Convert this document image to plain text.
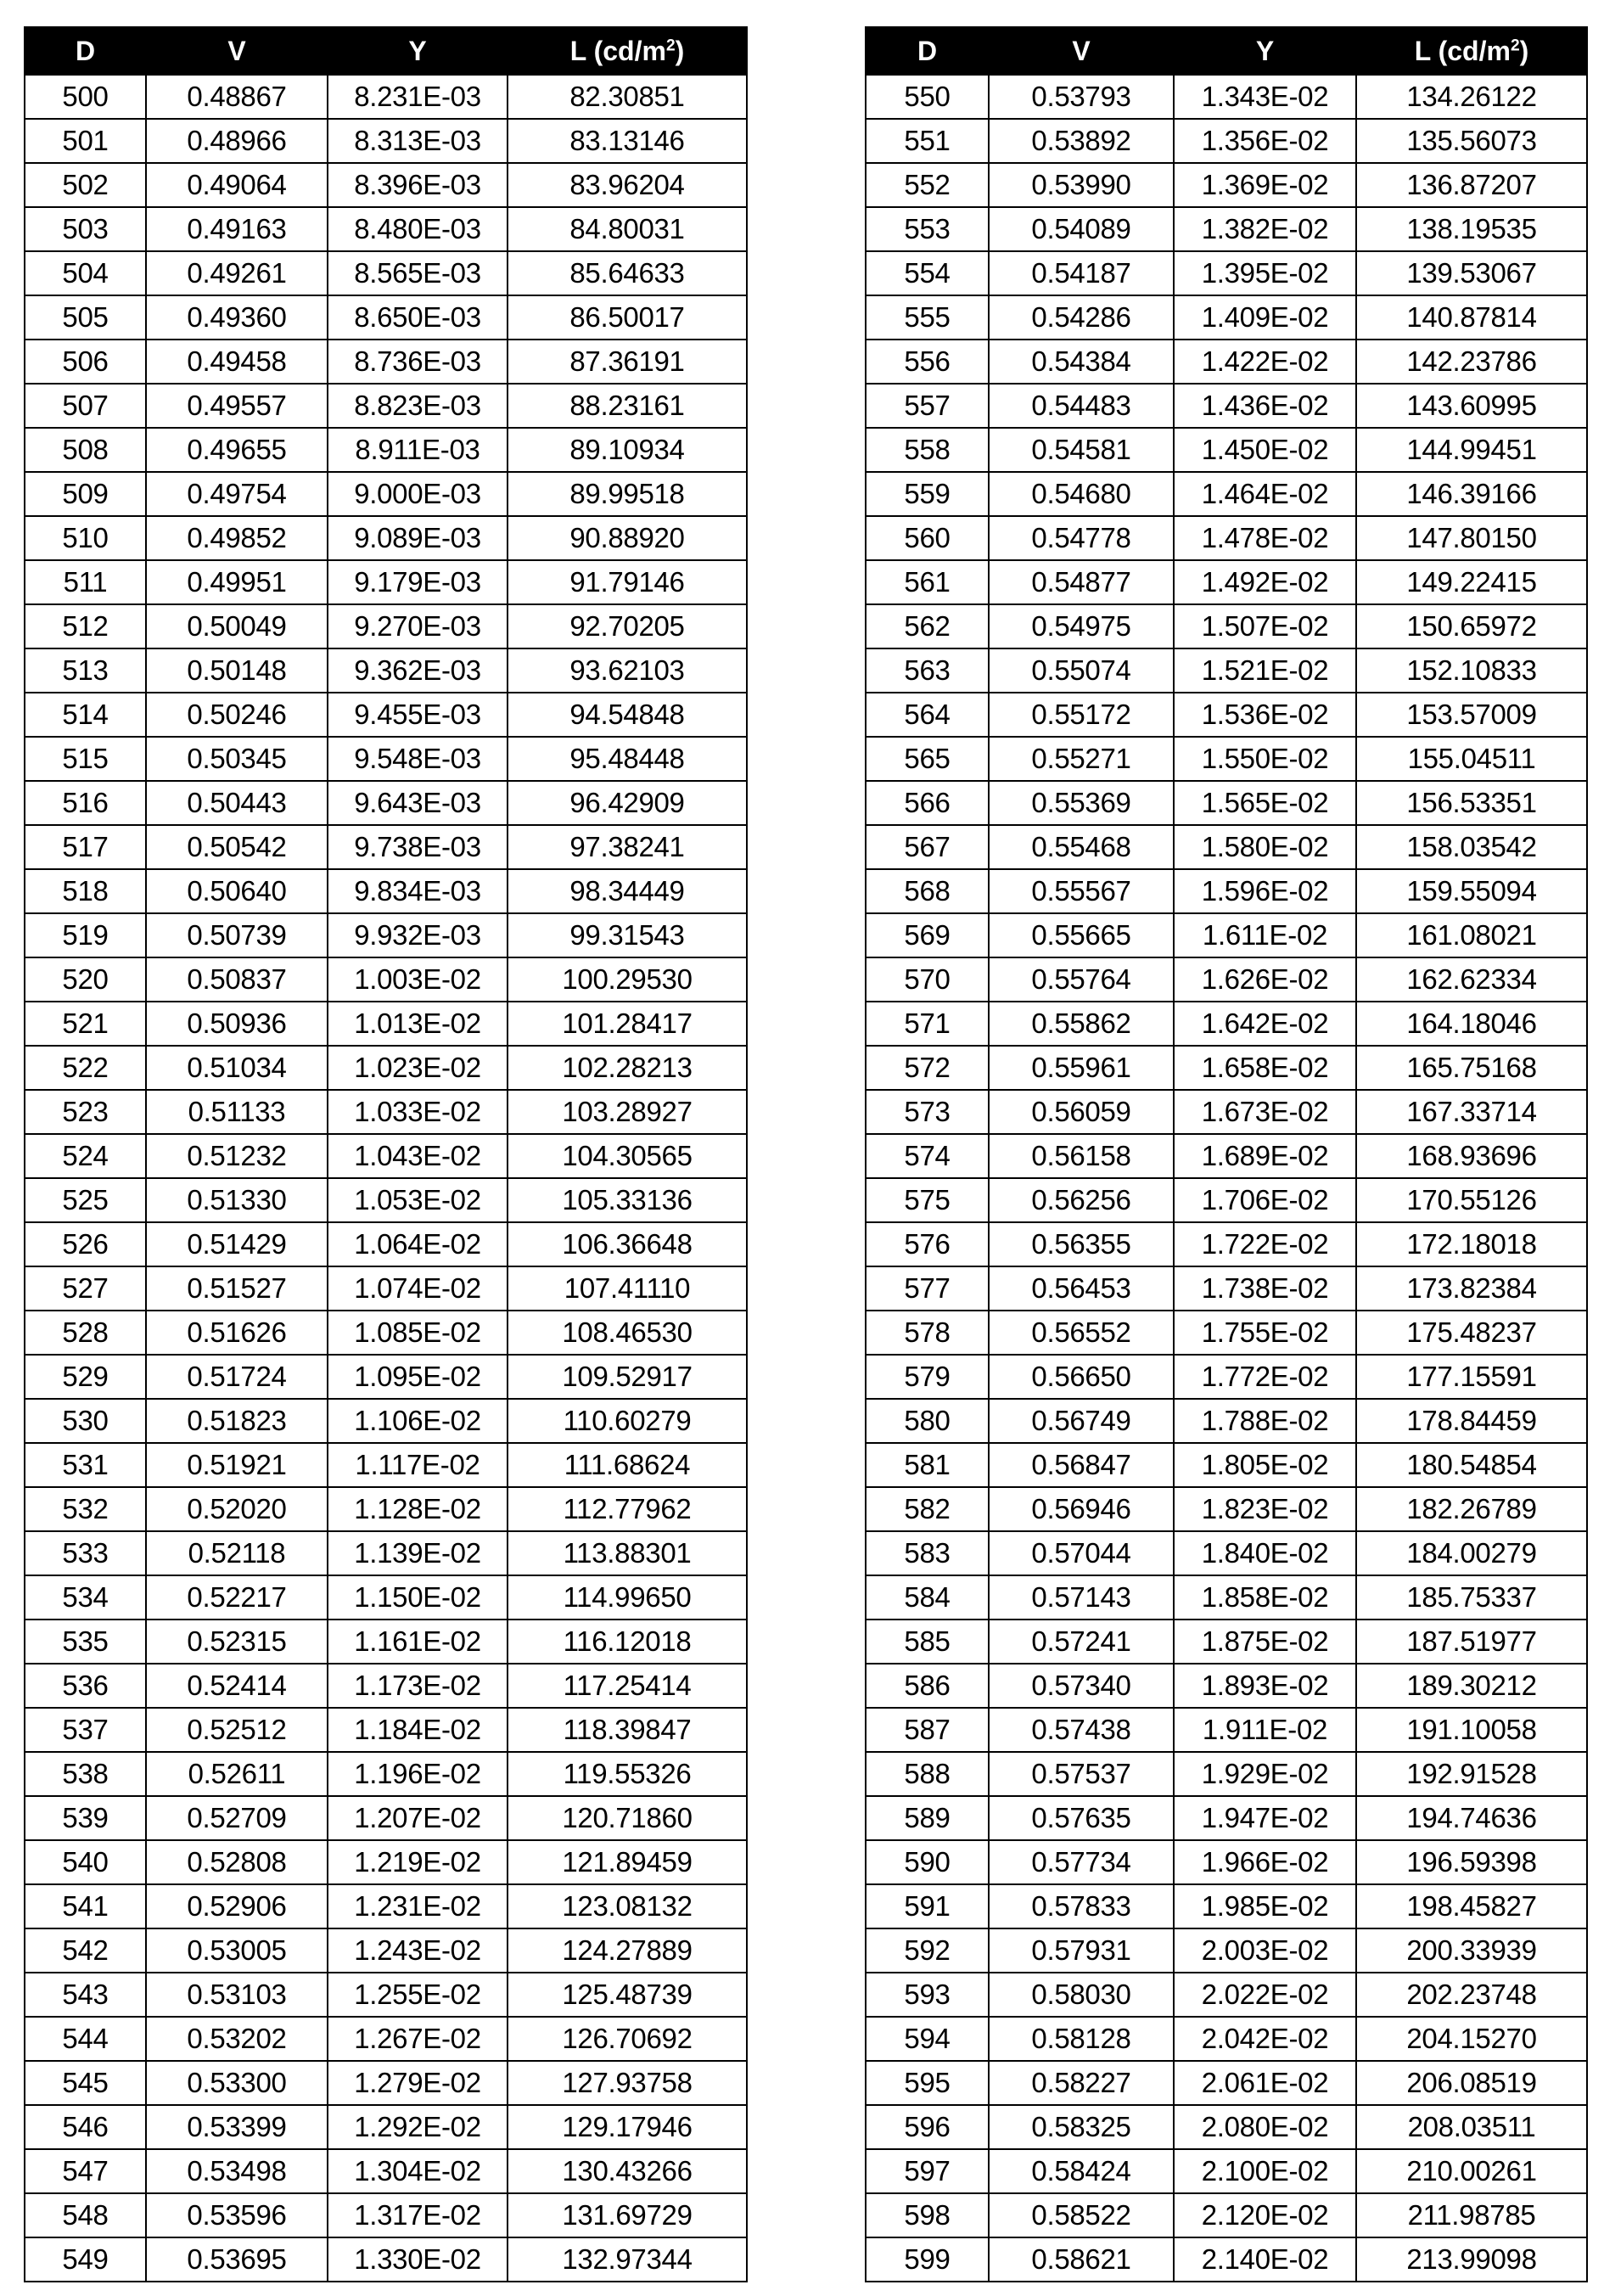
D	V	Y	L $(cd/m^2)$
500	0.48867	8.231E-03	82.30851
501	0.48966	8.313E-03	83.13146
502	0.49064	8.396E-03	83.96204
503	0.49163	8.480E-03	84.80031
504	0.49261	8.565E-03	85.64633
505	0.49360	8.650E-03	86.50017
506	0.49458	8.736E-03	87.36191
507	0.49557	8.823E-03	88.23161
508	0.49655	8.911E-03	89.10934
509	0.49754	9.000E-03	89.99518
510	0.49852	9.089E-03	90.88920
511	0.49951	9.179E-03	91.79146
512	0.50049	9.270E-03	92.70205
513	0.50148	9.362E-03	93.62103
514	0.50246	9.455E-03	94.54848
515	0.50345	9.548E-03	95.48448
516	0.50443	9.643E-03	96.42909
517	0.50542	9.738E-03	97.38241
518	0.50640	9.834E-03	98.34449
519	0.50739	9.932E-03	99.31543
520	0.50837	1.003E-02	100.29530
521	0.50936	1.013E-02	101.28417
522	0.51034	1.023E-02	102.28213
523	0.51133	1.033E-02	103.28927
524	0.51232	1.043E-02	104.30565
525	0.51330	1.053E-02	105.33136
526	0.51429	1.064E-02	106.36648
527	0.51527	1.074E-02	107.41110
528	0.51626	1.085E-02	108.46530
529	0.51724	1.095E-02	109.52917
530	0.51823	1.106E-02	110.60279
531	0.51921	1.117E-02	111.68624
532	0.52020	1.128E-02	112.77962
533	0.52118	1.139E-02	113.88301
534	0.52217	1.150E-02	114.99650
535	0.52315	1.161E-02	116.12018
536	0.52414	1.173E-02	117.25414
537	0.52512	1.184E-02	118.39847
538	0.52611	1.196E-02	119.55326
539	0.52709	1.207E-02	120.71860
540	0.52808	1.219E-02	121.89459
541	0.52906	1.231E-02	123.08132
542	0.53005	1.243E-02	124.27889
543	0.53103	1.255E-02	125.48739
544	0.53202	1.267E-02	126.70692
545	0.53300	1.279E-02	127.93758
546	0.53399	1.292E-02	129.17946
547	0.53498	1.304E-02	130.43266
548	0.53596	1.317E-02	131.69729
549	0.53695	1.330E-02	132.97344
D	V	Y	L $(cd/m^2)$
550	0.53793	1.343E-02	134.26122
551	0.53892	1.356E-02	135.56073
552	0.53990	1.369E-02	136.87207
553	0.54089	1.382E-02	138.19535
554	0.54187	1.395E-02	139.53067
555	0.54286	1.409E-02	140.87814
556	0.54384	1.422E-02	142.23786
557	0.54483	1.436E-02	143.60995
558	0.54581	1.450E-02	144.99451
559	0.54680	1.464E-02	146.39166
560	0.54778	1.478E-02	147.80150
561	0.54877	1.492E-02	149.22415
562	0.54975	1.507E-02	150.65972
563	0.55074	1.521E-02	152.10833
564	0.55172	1.536E-02	153.57009
565	0.55271	1.550E-02	155.04511
566	0.55369	1.565E-02	156.53351
567	0.55468	1.580E-02	158.03542
568	0.55567	1.596E-02	159.55094
569	0.55665	1.611E-02	161.08021
570	0.55764	1.626E-02	162.62334
571	0.55862	1.642E-02	164.18046
572	0.55961	1.658E-02	165.75168
573	0.56059	1.673E-02	167.33714
574	0.56158	1.689E-02	168.93696
575	0.56256	1.706E-02	170.55126
576	0.56355	1.722E-02	172.18018
577	0.56453	1.738E-02	173.82384
578	0.56552	1.755E-02	175.48237
579	0.56650	1.772E-02	177.15591
580	0.56749	1.788E-02	178.84459
581	0.56847	1.805E-02	180.54854
582	0.56946	1.823E-02	182.26789
583	0.57044	1.840E-02	184.00279
584	0.57143	1.858E-02	185.75337
585	0.57241	1.875E-02	187.51977
586	0.57340	1.893E-02	189.30212
587	0.57438	1.911E-02	191.10058
588	0.57537	1.929E-02	192.91528
589	0.57635	1.947E-02	194.74636
590	0.57734	1.966E-02	196.59398
591	0.57833	1.985E-02	198.45827
592	0.57931	2.003E-02	200.33939
593	0.58030	2.022E-02	202.23748
594	0.58128	2.042E-02	204.15270
595	0.58227	2.061E-02	206.08519
596	0.58325	2.080E-02	208.03511
597	0.58424	2.100E-02	210.00261
598	0.58522	2.120E-02	211.98785
599	0.58621	2.140E-02	213.99098
